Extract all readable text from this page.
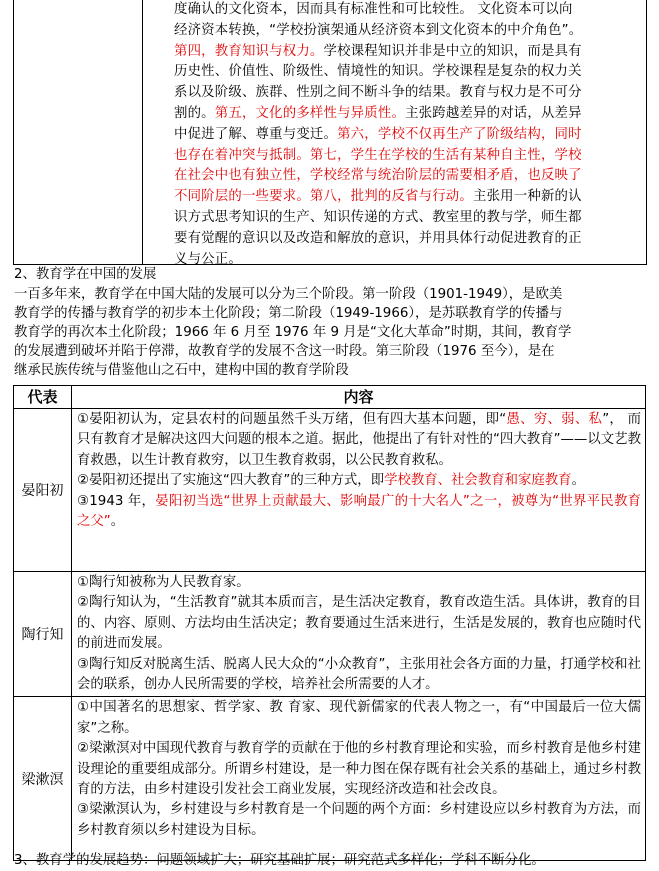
度确认的文化资本，因而具有标准性和可比较性。 文化资本可以向
经济资本转换，“学校扮演架通从经济资本到文化资本的中介角色”。
第四，教育知识与权力。学校课程知识并非是中立的知识，而是具有
历史性、价值性、阶级性、情境性的知识。学校课程是复杂的权力关
系以及阶级、族群、性别之间不断斗争的结果。教育与权力是不可分
割的。第五，文化的多样性与异质性。主张跨越差异的对话，从差异
中促进了解、尊重与变迁。第六，学校不仅再生产了阶级结构，同时
也存在着冲突与抵制。第七，学生在学校的生活有某种自主性，学校
在社会中也有独立性，学校经常与统治阶层的需要相矛盾，也反映了
不同阶层的一些要求。第八，批判的反省与行动。主张用一种新的认
识方式思考知识的生产、知识传递的方式、教室里的教与学，师生都
要有觉醒的意识以及改造和解放的意识，并用具体行动促进教育的正
义与公正。
2、教育学在中国的发展
一百多年来，教育学在中国大陆的发展可以分为三个阶段。第一阶段（1901-1949），是欧美
教育学的传播与教育学的初步本土化阶段；第二阶段（1949-1966），是苏联教育学的传播与
教育学的再次本土化阶段；1966 年 6 月至 1976 年 9 月是“文化大革命”时期，其间，教育学
的发展遭到破坏并陷于停滞，故教育学的发展不含这一时段。第三阶段（1976 至今），是在
继承民族传统与借鉴他山之石中，建构中国的教育学阶段
代表	内容
晏阳初	①晏阳初认为，定县农村的问题虽然千头万绪，但有四大基本问题，即“愚、穷、弱、私”， 而只有教育才是解决这四大问题的根本之道。据此，他提出了有针对性的“四大教育”——以文艺教育救愚，以生计教育救穷，以卫生教育救弱，以公民教育救私。

②晏阳初还提出了实施这“四大教育”的三种方式，即学校教育、社会教育和家庭教育。

③1943 年，晏阳初当选“世界上贡献最大、影响最广的十大名人”之一，被尊为“世界平民教育之父”。

陶行知	①陶行知被称为人民教育家。

②陶行知认为，“生活教育”就其本质而言，是生活决定教育，教育改造生活。具体讲，教育的目的、内容、原则、方法均由生活决定；教育要通过生活来进行，生活是发展的，教育也应随时代的前进而发展。

③陶行知反对脱离生活、脱离人民大众的“小众教育”，主张用社会各方面的力量，打通学校和社会的联系，创办人民所需要的学校，培养社会所需要的人才。

梁漱溟	①中国著名的思想家、哲学家、教 育家、现代新儒家的代表人物之一，有“中国最后一位大儒家”之称。

②梁漱溟对中国现代教育与教育学的贡献在于他的乡村教育理论和实验，而乡村教育是他乡村建设理论的重要组成部分。所谓乡村建设，是一种力图在保存既有社会关系的基础上，通过乡村教育的方法，由乡村建设引发社会工商业发展，实现经济改造和社会改良。

③梁漱溟认为，乡村建设与乡村教育是一个问题的两个方面：乡村建设应以乡村教育为方法，而乡村教育须以乡村建设为目标。

3、教育学的发展趋势：问题领域扩大；研究基础扩展；研究范式多样化；学科不断分化。
